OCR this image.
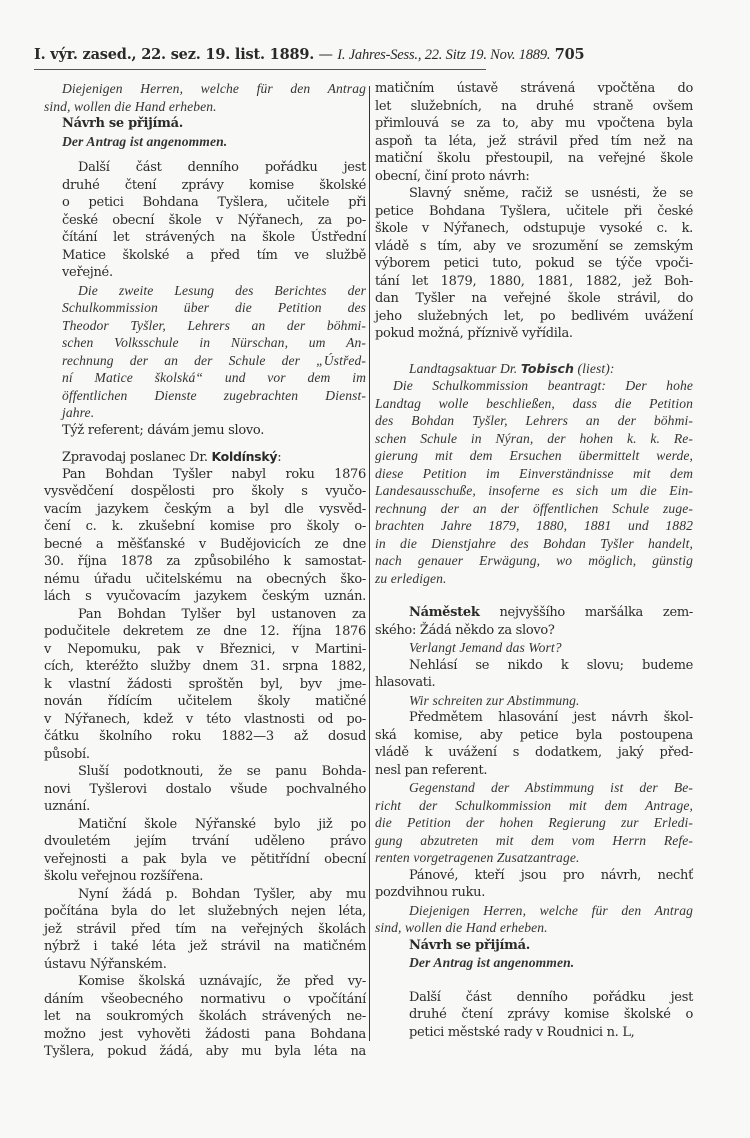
I. výr. zased., 22. sez. 19. list. 1889. — I. Jahres-Sess., 22. Sitz 19. Nov. 1889. 705
Diejenigen Herren, welche für den Antrag
sind, wollen die Hand erheben.
Návrh se přijímá.
Der Antrag ist angenommen.
Další část denního pořádku jest
druhé čtení zprávy komise školské
o petici Bohdana Tyšlera, učitele při
české obecní škole v Nýřanech, za po-
čítání let strávených na škole Ústřední
Matice školské a před tím ve službě
veřejné.
Die zweite Lesung des Berichtes der
Schulkommission über die Petition des
Theodor Tyšler, Lehrers an der böhmi-
schen Volksschule in Nürschan, um An-
rechnung der an der Schule der „Ústřed-
ní Matice školská“ und vor dem im
öffentlichen Dienste zugebrachten Dienst-
jahre.
Týž referent; dávám jemu slovo.
Zpravodaj poslanec Dr. Koldínský:
Pan Bohdan Tyšler nabyl roku 1876
vysvědčení dospělosti pro školy s vyučo-
vacím jazykem českým a byl dle vysvěd-
čení c. k. zkušební komise pro školy o-
becné a měšťanské v Budějovicích ze dne
30. října 1878 za způsobilého k samostat-
nému úřadu učitelskému na obecných ško-
lách s vyučovacím jazykem českým uznán.
Pan Bohdan Tylšer byl ustanoven za
podučitele dekretem ze dne 12. října 1876
v Nepomuku, pak v Březnici, v Martini-
cích, kteréžto služby dnem 31. srpna 1882,
k vlastní žádosti sproštěn byl, byv jme-
nován řídícím učitelem školy matičné
v Nýřanech, kdež v této vlastnosti od po-
čátku školního roku 1882—3 až dosud
působí.
Sluší podotknouti, že se panu Bohda-
novi Tyšlerovi dostalo všude pochvalného
uznání.
Matiční škole Nýřanské bylo již po
dvouletém jejím trvání uděleno právo
veřejnosti a pak byla ve pětitřídní obecní
školu veřejnou rozšířena.
Nyní žádá p. Bohdan Tyšler, aby mu
počítána byla do let služebných nejen léta,
jež strávil před tím na veřejných školách
nýbrž i také léta jež strávil na matičném
ústavu Nýřanském.
Komise školská uznávajíc, že před vy-
dáním všeobecného normativu o vpočítání
let na soukromých školách strávených ne-
možno jest vyhověti žádosti pana Bohdana
Tyšlera, pokud žádá, aby mu byla léta na
matičním ústavě strávená vpočtěna do
let služebních, na druhé straně ovšem
přimlouvá se za to, aby mu vpočtena byla
aspoň ta léta, jež strávil před tím než na
matiční školu přestoupil, na veřejné škole
obecní, činí proto návrh:
Slavný sněme, račiž se usnésti, že se
petice Bohdana Tyšlera, učitele při české
škole v Nýřanech, odstupuje vysoké c. k.
vládě s tím, aby ve srozumění se zemským
výborem petici tuto, pokud se týče vpoči-
tání let 1879, 1880, 1881, 1882, jež Boh-
dan Tyšler na veřejné škole strávil, do
jeho služebných let, po bedlivém uvážení
pokud možná, příznivě vyřídila.
Landtagsaktuar Dr. Tobisch (liest):
Die Schulkommission beantragt: Der hohe
Landtag wolle beschließen, dass die Petition
des Bohdan Tyšler, Lehrers an der böhmi-
schen Schule in Nýran, der hohen k. k. Re-
gierung mit dem Ersuchen übermittelt werde,
diese Petition im Einverständnisse mit dem
Landesausschuße, insoferne es sich um die Ein-
rechnung der an der öffentlichen Schule zuge-
brachten Jahre 1879, 1880, 1881 und 1882
in die Dienstjahre des Bohdan Tyšler handelt,
nach genauer Erwägung, wo möglich, günstig
zu erledigen.
Náměstek nejvyššího maršálka zem-
ského: Žádá někdo za slovo?
Verlangt Jemand das Wort?
Nehlásí se nikdo k slovu; budeme
hlasovati.
Wir schreiten zur Abstimmung.
Předmětem hlasování jest návrh škol-
ská komise, aby petice byla postoupena
vládě k uvážení s dodatkem, jaký před-
nesl pan referent.
Gegenstand der Abstimmung ist der Be-
richt der Schulkommission mit dem Antrage,
die Petition der hohen Regierung zur Erledi-
gung abzutreten mit dem vom Herrn Refe-
renten vorgetragenen Zusatzantrage.
Pánové, kteří jsou pro návrh, nechť
pozdvihnou ruku.
Diejenigen Herren, welche für den Antrag
sind, wollen die Hand erheben.
Návrh se přijímá.
Der Antrag ist angenommen.
Další část denního pořádku jest
druhé čtení zprávy komise školské o
petici městské rady v Roudnici n. L,
